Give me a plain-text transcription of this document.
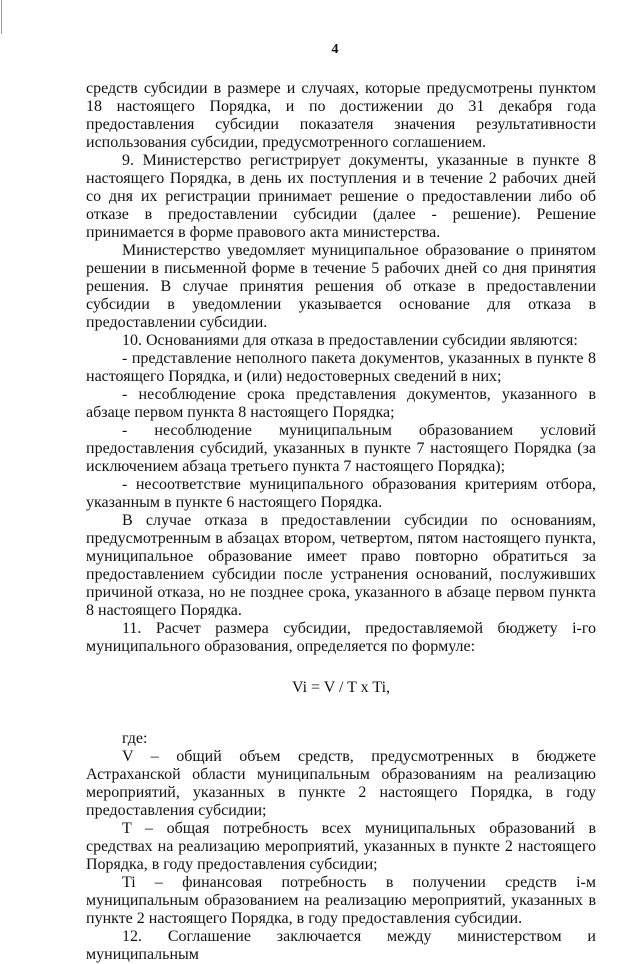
4

средств субсидии в размере и случаях, которые предусмотрены пунктом 18 настоящего Порядка, и по достижении до 31 декабря года предоставления субсидии показателя значения результативности использования субсидии, предусмотренного соглашением.

9. Министерство регистрирует документы, указанные в пункте 8 настоящего Порядка, в день их поступления и в течение 2 рабочих дней со дня их регистрации принимает решение о предоставлении либо об отказе в предоставлении субсидии (далее - решение). Решение принимается в форме правового акта министерства.

Министерство уведомляет муниципальное образование о принятом решении в письменной форме в течение 5 рабочих дней со дня принятия решения. В случае принятия решения об отказе в предоставлении субсидии в уведомлении указывается основание для отказа в предоставлении субсидии.

10. Основаниями для отказа в предоставлении субсидии являются:

- представление неполного пакета документов, указанных в пункте 8 настоящего Порядка, и (или) недостоверных сведений в них;

- несоблюдение срока представления документов, указанного в абзаце первом пункта 8 настоящего Порядка;

- несоблюдение муниципальным образованием условий предоставления субсидий, указанных в пункте 7 настоящего Порядка (за исключением абзаца третьего пункта 7 настоящего Порядка);

- несоответствие муниципального образования критериям отбора, указанным в пункте 6 настоящего Порядка.

В случае отказа в предоставлении субсидии по основаниям, предусмотренным в абзацах втором, четвертом, пятом настоящего пункта, муниципальное образование имеет право повторно обратиться за предоставлением субсидии после устранения оснований, послуживших причиной отказа, но не позднее срока, указанного в абзаце первом пункта 8 настоящего Порядка.

11. Расчет размера субсидии, предоставляемой бюджету i-го муниципального образования, определяется по формуле:

Vi = V / T x Ti,

где:

V – общий объем средств, предусмотренных в бюджете Астраханской области муниципальным образованиям на реализацию мероприятий, указанных в пункте 2 настоящего Порядка, в году предоставления субсидии;

T – общая потребность всех муниципальных образований в средствах на реализацию мероприятий, указанных в пункте 2 настоящего Порядка, в году предоставления субсидии;

Ti – финансовая потребность в получении средств i-м муниципальным образованием на реализацию мероприятий, указанных в пункте 2 настоящего Порядка, в году предоставления субсидии.

12. Соглашение заключается между министерством и муниципальным
